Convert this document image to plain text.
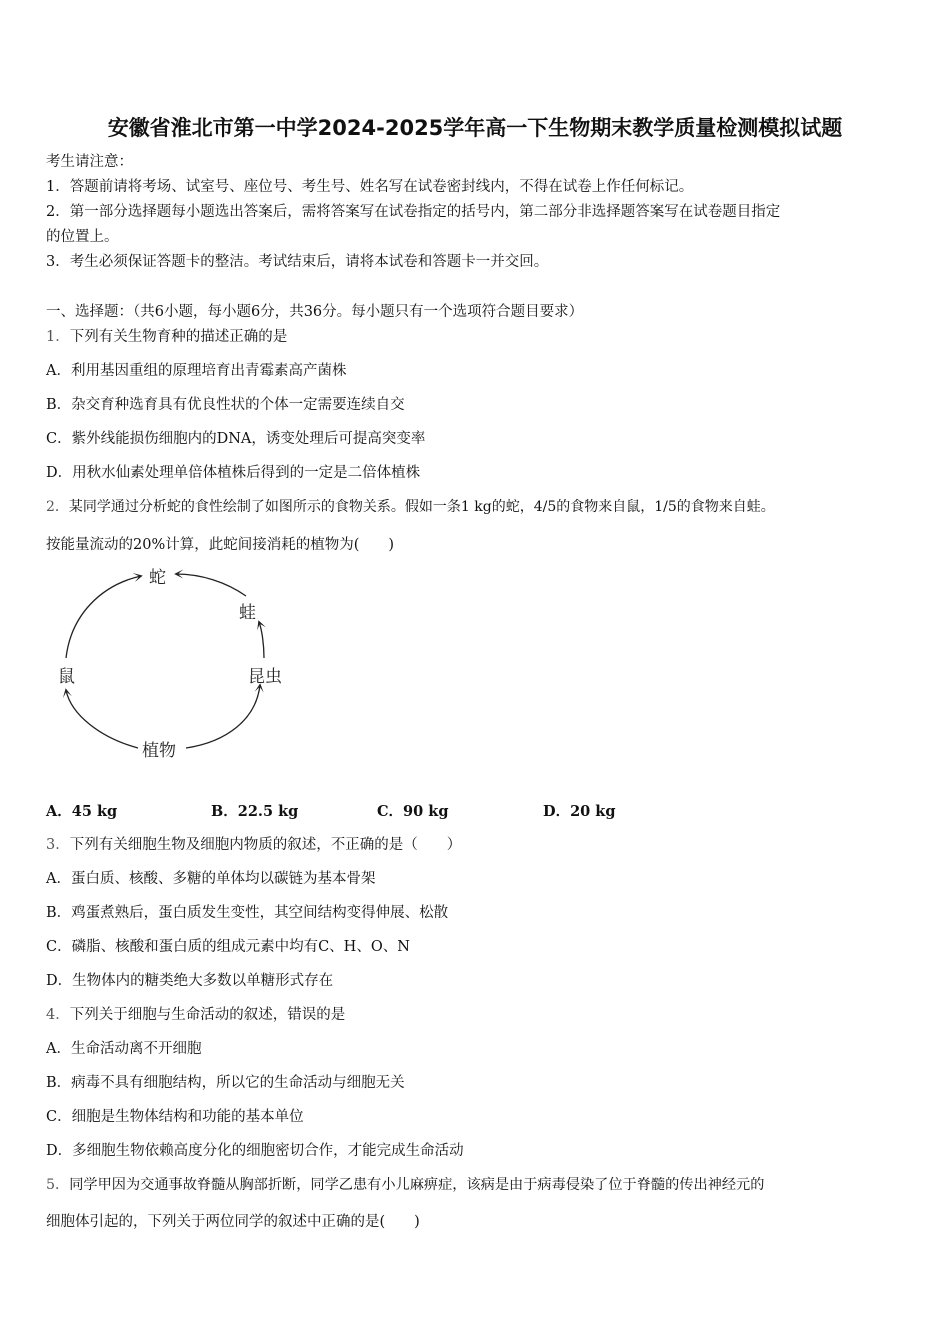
安徽省淮北市第一中学2024-2025学年高一下生物期末教学质量检测模拟试题
考生请注意：
1．答题前请将考场、试室号、座位号、考生号、姓名写在试卷密封线内，不得在试卷上作任何标记。
2．第一部分选择题每小题选出答案后，需将答案写在试卷指定的括号内，第二部分非选择题答案写在试卷题目指定
的位置上。
3．考生必须保证答题卡的整洁。考试结束后，请将本试卷和答题卡一并交回。
一、选择题：（共6小题，每小题6分，共36分。每小题只有一个选项符合题目要求）
1．下列有关生物育种的描述正确的是
A．利用基因重组的原理培育出青霉素高产菌株
B．杂交育种选育具有优良性状的个体一定需要连续自交
C．紫外线能损伤细胞内的DNA，诱变处理后可提高突变率
D．用秋水仙素处理单倍体植株后得到的一定是二倍体植株
2．某同学通过分析蛇的食性绘制了如图所示的食物关系。假如一条1 kg的蛇，4/5的食物来自鼠，1/5的食物来自蛙。
按能量流动的20%计算，此蛇间接消耗的植物为(　　)
蛇
蛙
鼠	昆虫
植物
A．45 kg	B．22.5 kg	C．90 kg	D．20 kg
3．下列有关细胞生物及细胞内物质的叙述，不正确的是（　　）
A．蛋白质、核酸、多糖的单体均以碳链为基本骨架
B．鸡蛋煮熟后，蛋白质发生变性，其空间结构变得伸展、松散
C．磷脂、核酸和蛋白质的组成元素中均有C、H、O、N
D．生物体内的糖类绝大多数以单糖形式存在
4．下列关于细胞与生命活动的叙述，错误的是
A．生命活动离不开细胞
B．病毒不具有细胞结构，所以它的生命活动与细胞无关
C．细胞是生物体结构和功能的基本单位
D．多细胞生物依赖高度分化的细胞密切合作，才能完成生命活动
5．同学甲因为交通事故脊髓从胸部折断，同学乙患有小儿麻痹症，该病是由于病毒侵染了位于脊髓的传出神经元的
细胞体引起的，下列关于两位同学的叙述中正确的是(　　)
